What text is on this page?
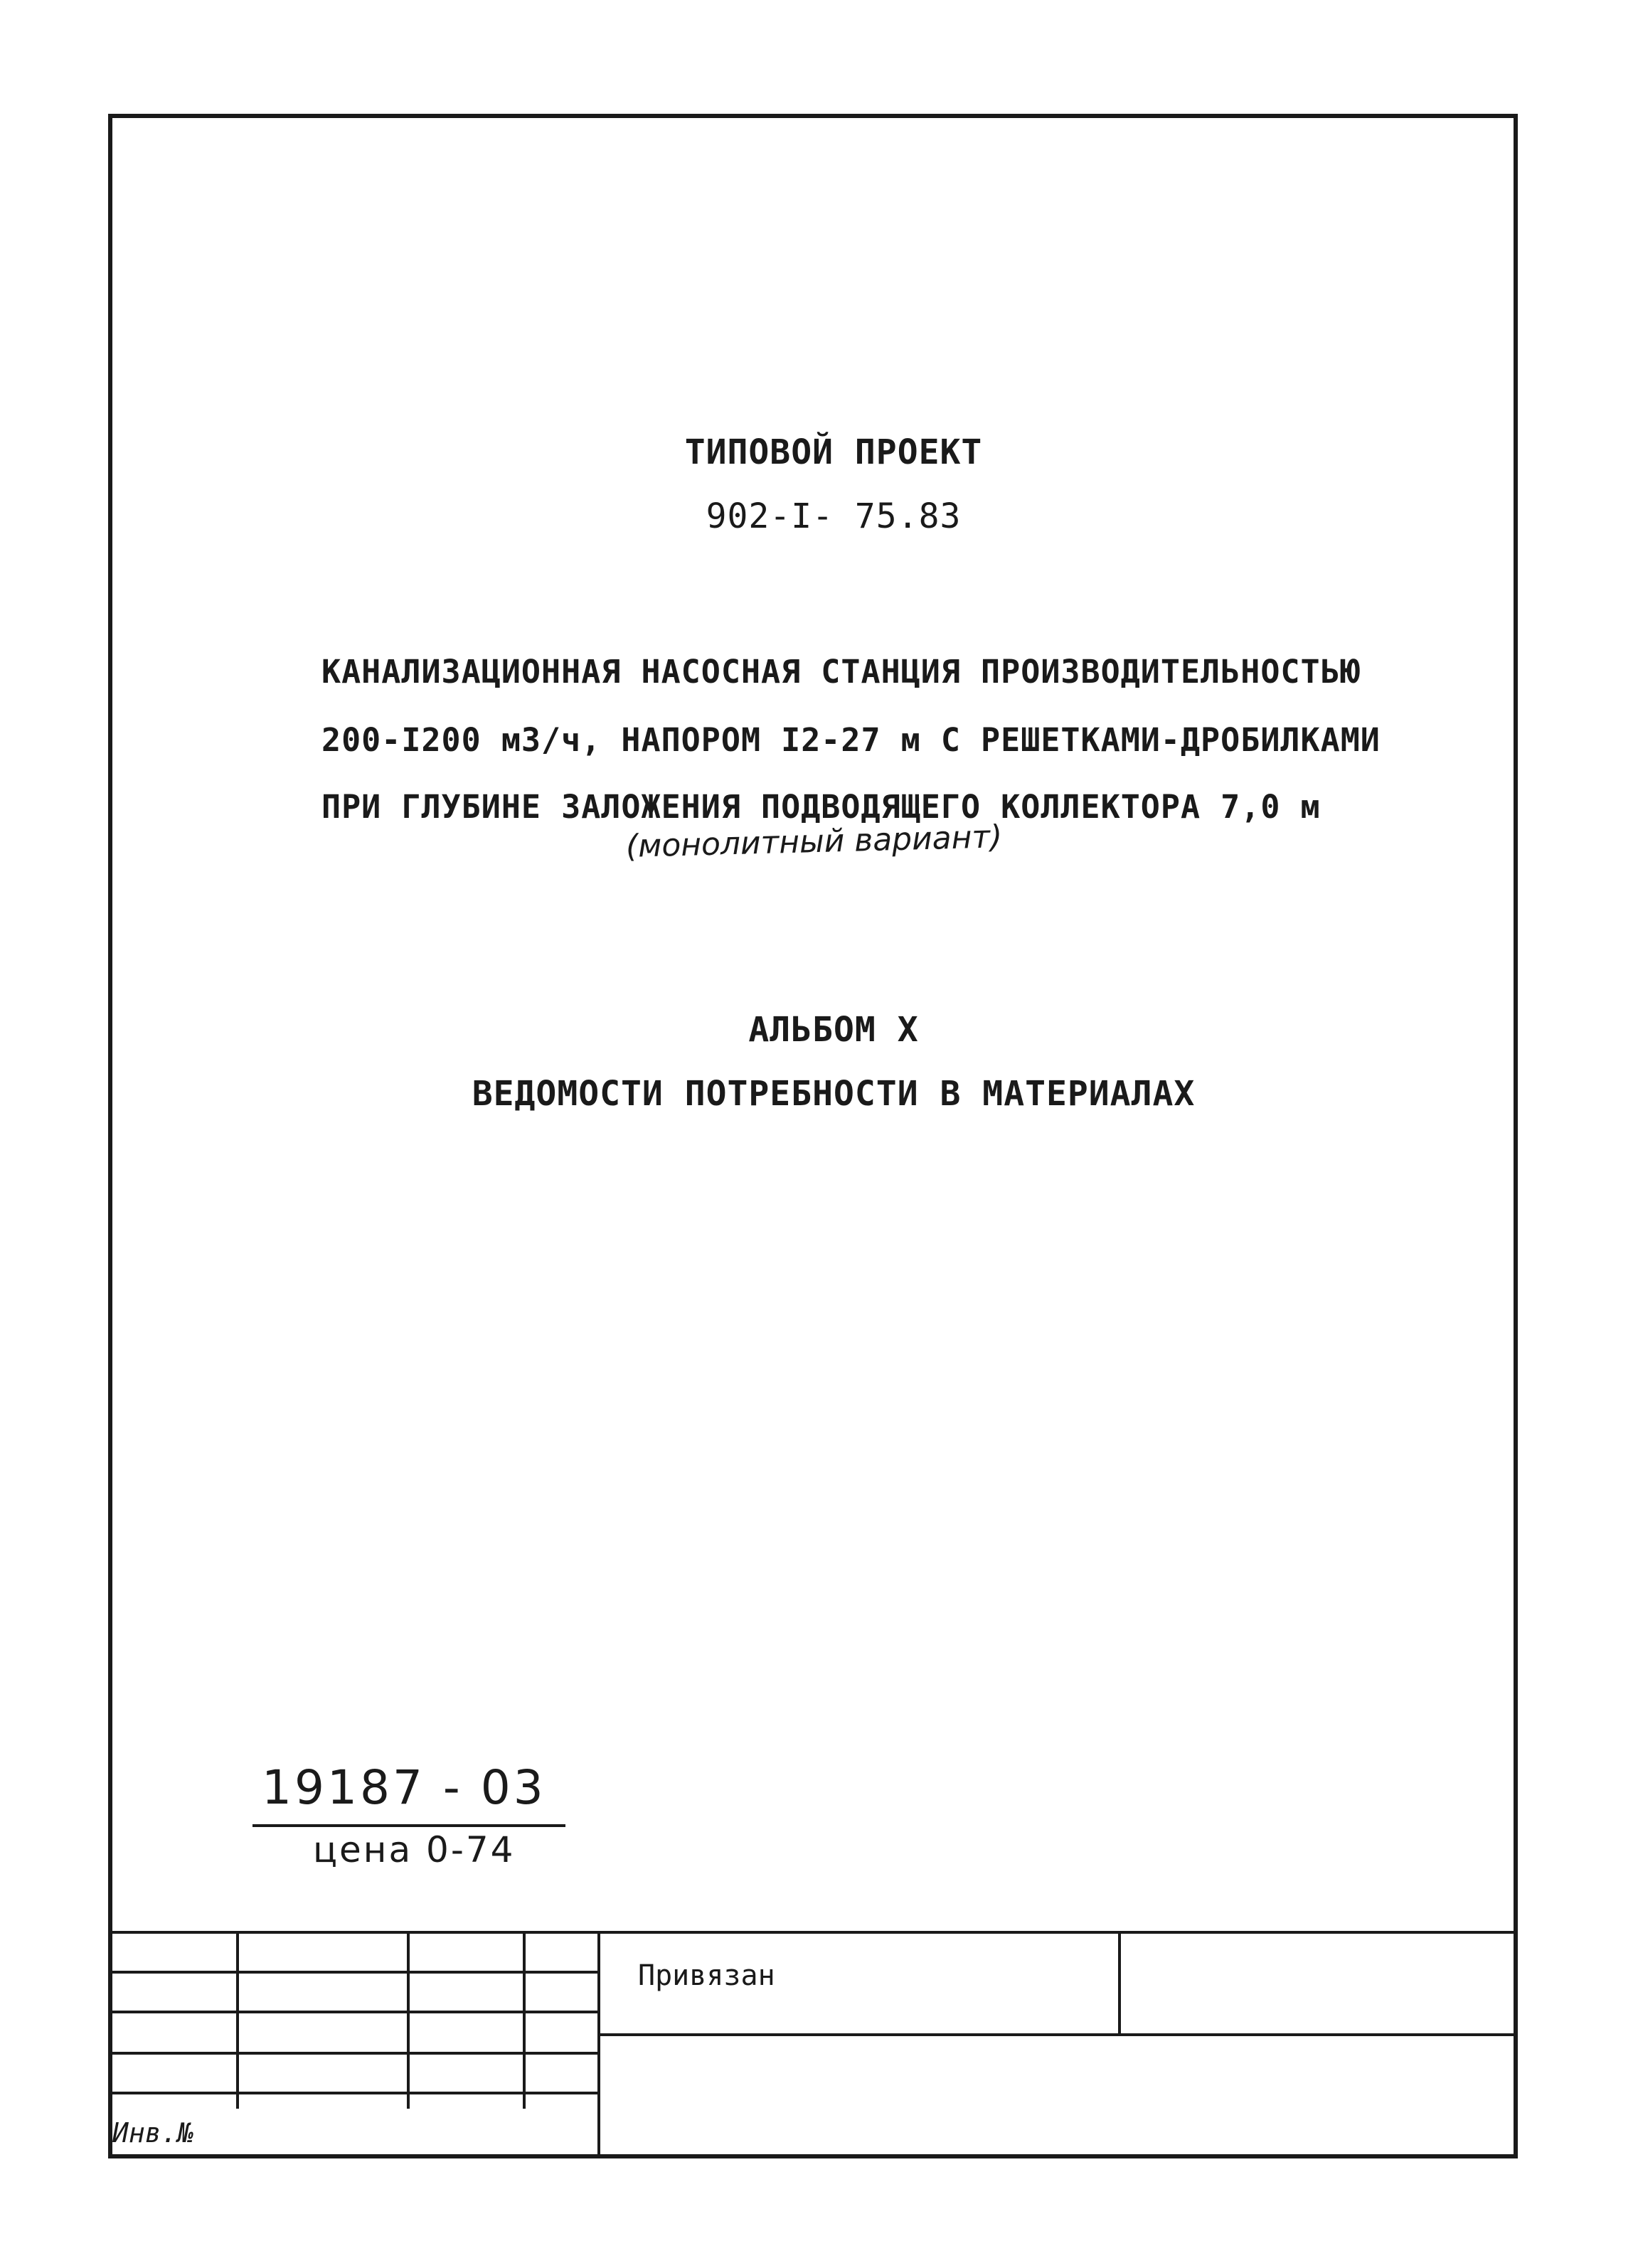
ТИПОВОЙ ПРОЕКТ
902-I- 75.83
КАНАЛИЗАЦИОННАЯ НАСОСНАЯ СТАНЦИЯ ПРОИЗВОДИТЕЛЬНОСТЬЮ
200-I200 м3/ч, НАПОРОМ I2-27 м С РЕШЕТКАМИ-ДРОБИЛКАМИ
ПРИ ГЛУБИНЕ ЗАЛОЖЕНИЯ ПОДВОДЯЩЕГО КОЛЛЕКТОРА 7,0 м
(монолитный вариант)
АЛЬБОМ X
ВЕДОМОСТИ ПОТРЕБНОСТИ В МАТЕРИАЛАХ
19187 - 03
цена 0-74
Привязан
Инв.№
